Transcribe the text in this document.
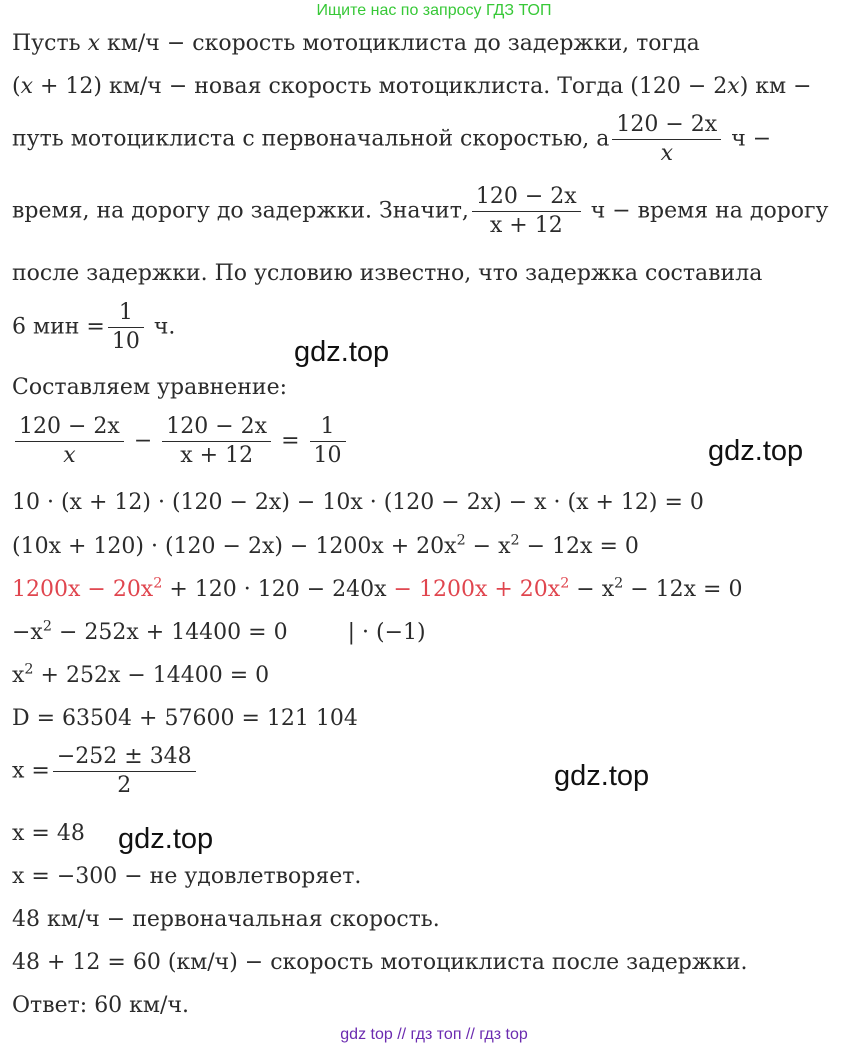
Ищите нас по запросу ГДЗ ТОП
Пусть x км/ч − скорость мотоциклиста до задержки, тогда
(x + 12) км/ч − новая скорость мотоциклиста. Тогда (120 − 2x) км −
путь мотоциклиста с первоначальной скоростью, а $\frac{120 - 2x}{x}$ ч −
время, на дорогу до задержки. Значит, $\frac{120 - 2x}{x + 12}$ ч − время на дорогу
после задержки. По условию известно, что задержка составила
6 мин = $\frac{1}{10} ч$.
Составляем уравнение:
$\frac{120 - 2x}{x} - \frac{120 - 2x}{x + 12} = \frac{1}{10}$
10 · (x + 12) · (120 − 2x) − 10x · (120 − 2x) − x · (x + 12) = 0
$(10x + 120) \cdot (120 - 2x) - 1200x + 20x^2 - x^2 - 12x = 0$
$1200x - 20x^2 + 120 \cdot 120 - 240x - 1200x + 20x^2 - x^2 - 12x = 0$
$-x^2 - 252x + 14400 = 0$	| · (−1)
$x^2 + 252x - 14400 = 0$
D = 63504 + 57600 = 121 104
$x = \frac{-252 \pm 348}{2}$
x = 48
x = −300 − не удовлетворяет.
48 км/ч − первоначальная скорость.
48 + 12 = 60 (км/ч) − скорость мотоциклиста после задержки.
Ответ: 60 км/ч.
gdz.top
gdz.top
gdz.top
gdz.top
gdz top // гдз топ // гдз top
